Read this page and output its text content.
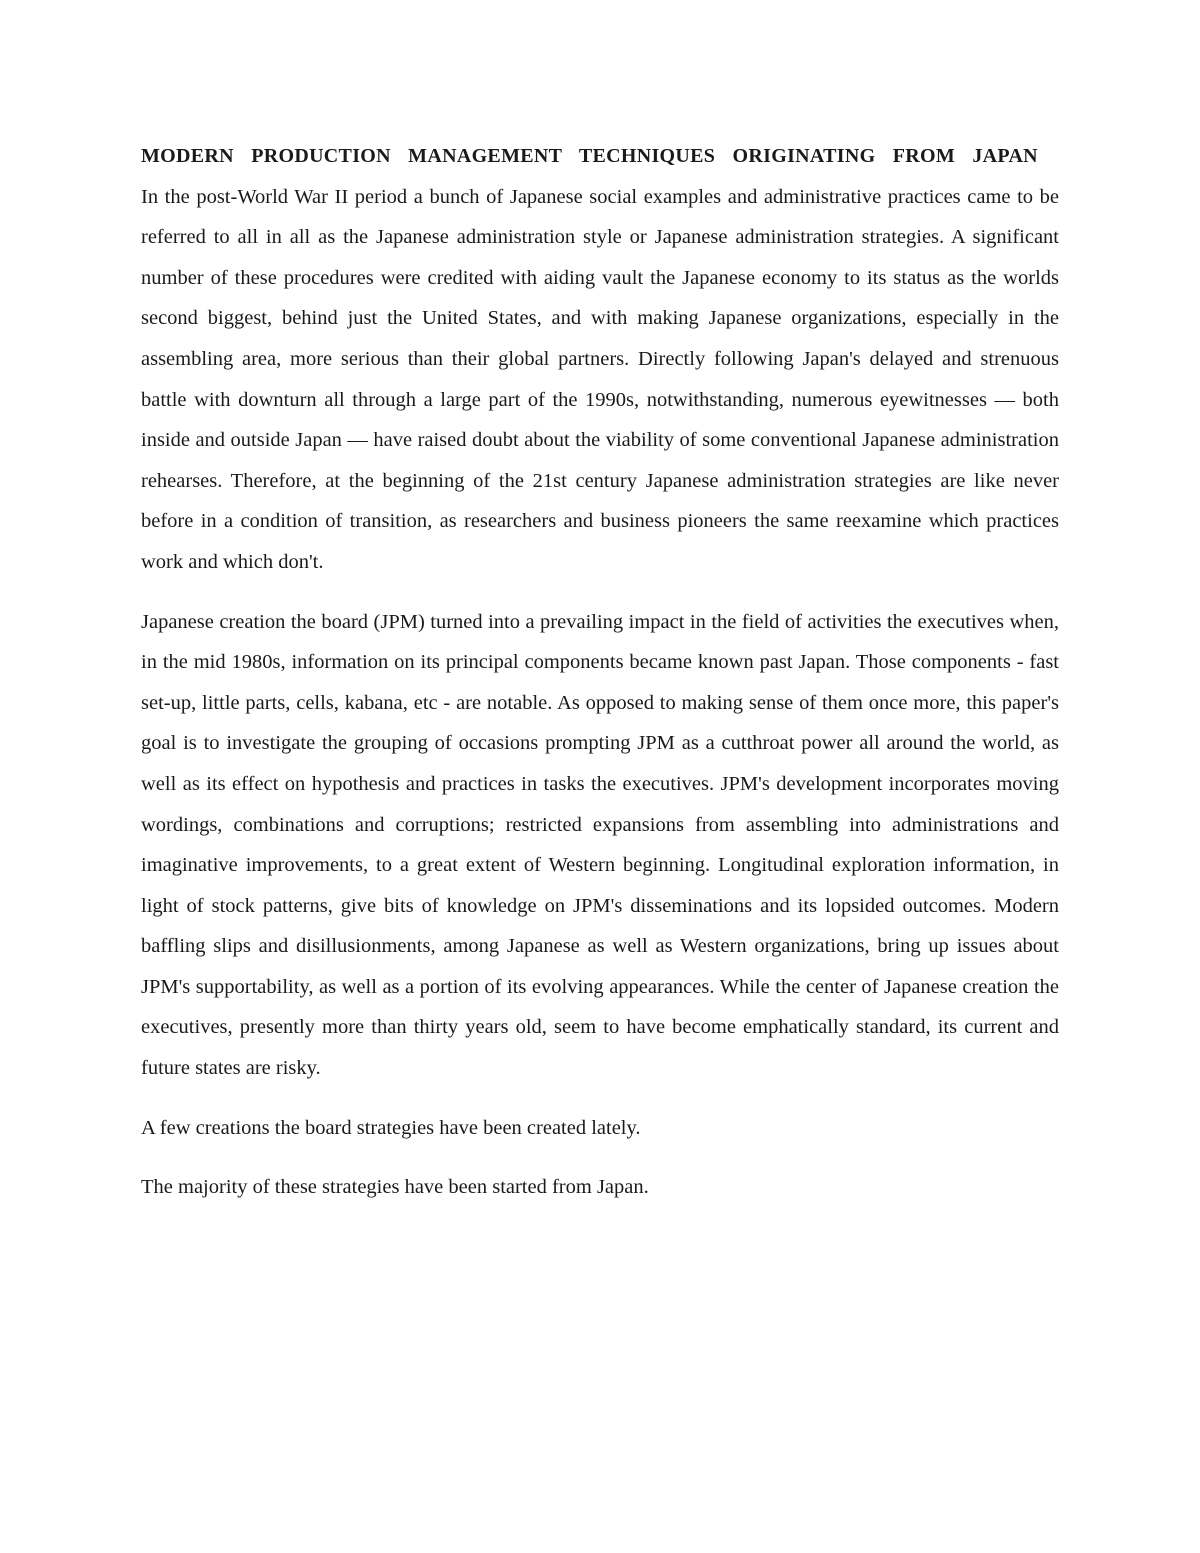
MODERN PRODUCTION MANAGEMENT TECHNIQUES ORIGINATING FROM JAPAN

In the post-World War II period a bunch of Japanese social examples and administrative practices came to be referred to all in all as the Japanese administration style or Japanese administration strategies. A significant number of these procedures were credited with aiding vault the Japanese economy to its status as the worlds second biggest, behind just the United States, and with making Japanese organizations, especially in the assembling area, more serious than their global partners. Directly following Japan's delayed and strenuous battle with downturn all through a large part of the 1990s, notwithstanding, numerous eyewitnesses — both inside and outside Japan — have raised doubt about the viability of some conventional Japanese administration rehearses. Therefore, at the beginning of the 21st century Japanese administration strategies are like never before in a condition of transition, as researchers and business pioneers the same reexamine which practices work and which don't.

Japanese creation the board (JPM) turned into a prevailing impact in the field of activities the executives when, in the mid 1980s, information on its principal components became known past Japan. Those components - fast set-up, little parts, cells, kabana, etc - are notable. As opposed to making sense of them once more, this paper's goal is to investigate the grouping of occasions prompting JPM as a cutthroat power all around the world, as well as its effect on hypothesis and practices in tasks the executives. JPM's development incorporates moving wordings, combinations and corruptions; restricted expansions from assembling into administrations and imaginative improvements, to a great extent of Western beginning. Longitudinal exploration information, in light of stock patterns, give bits of knowledge on JPM's disseminations and its lopsided outcomes. Modern baffling slips and disillusionments, among Japanese as well as Western organizations, bring up issues about JPM's supportability, as well as a portion of its evolving appearances. While the center of Japanese creation the executives, presently more than thirty years old, seem to have become emphatically standard, its current and future states are risky.

A few creations the board strategies have been created lately.

The majority of these strategies have been started from Japan.
